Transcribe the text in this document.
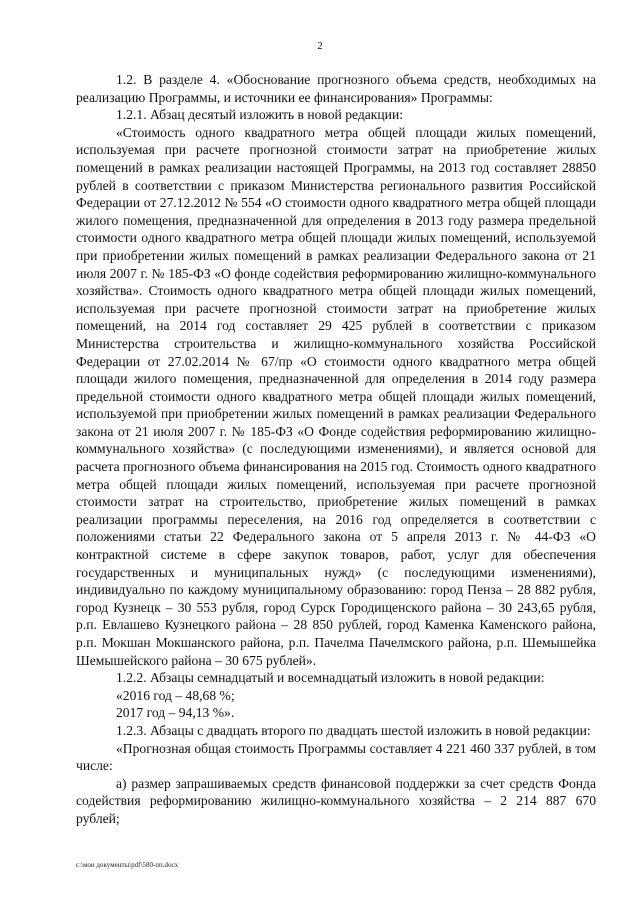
2

1.2. В разделе 4. «Обоснование прогнозного объема средств, необходимых на реализацию Программы, и источники ее финансирования» Программы:

1.2.1. Абзац десятый изложить в новой редакции:

«Стоимость одного квадратного метра общей площади жилых помещений, используемая при расчете прогнозной стоимости затрат на приобретение жилых помещений в рамках реализации настоящей Программы, на 2013 год составляет 28850 рублей в соответствии с приказом Министерства регионального развития Российской Федерации от 27.12.2012 № 554 «О стоимости одного квадратного метра общей площади жилого помещения, предназначенной для определения в 2013 году размера предельной стоимости одного квадратного метра общей площади жилых помещений, используемой при приобретении жилых помещений в рамках реализации Федерального закона от 21 июля 2007 г. № 185-ФЗ «О фонде содействия реформированию жилищно-коммунального хозяйства». Стоимость одного квадратного метра общей площади жилых помещений, используемая при расчете прогнозной стоимости затрат на приобретение жилых помещений, на 2014 год составляет 29 425 рублей в соответствии с приказом Министерства строительства и жилищно-коммунального хозяйства Российской Федерации от 27.02.2014 № 67/пр «О стоимости одного квадратного метра общей площади жилого помещения, предназначенной для определения в 2014 году размера предельной стоимости одного квадратного метра общей площади жилых помещений, используемой при приобретении жилых помещений в рамках реализации Федерального закона от 21 июля 2007 г. № 185-ФЗ «О Фонде содействия реформированию жилищно-коммунального хозяйства» (с последующими изменениями), и является основой для расчета прогнозного объема финансирования на 2015 год. Стоимость одного квадратного метра общей площади жилых помещений, используемая при расчете прогнозной стоимости затрат на строительство, приобретение жилых помещений в рамках реализации программы переселения, на 2016 год определяется в соответствии с положениями статьи 22 Федерального закона от 5 апреля 2013 г. № 44-ФЗ «О контрактной системе в сфере закупок товаров, работ, услуг для обеспечения государственных и муниципальных нужд» (с последующими изменениями), индивидуально по каждому муниципальному образованию: город Пенза – 28 882 рубля, город Кузнецк – 30 553 рубля, город Сурск Городищенского района – 30 243,65 рубля, р.п. Евлашево Кузнецкого района – 28 850 рублей, город Каменка Каменского района, р.п. Мокшан Мокшанского района, р.п. Пачелма Пачелмского района, р.п. Шемышейка Шемышейского района – 30 675 рублей».

1.2.2. Абзацы семнадцатый и восемнадцатый изложить в новой редакции:

«2016 год – 48,68 %;

2017 год – 94,13 %».

1.2.3. Абзацы с двадцать второго по двадцать шестой изложить в новой редакции:

«Прогнозная общая стоимость Программы составляет 4 221 460 337 рублей, в том числе:

а) размер запрашиваемых средств финансовой поддержки за счет средств Фонда содействия реформированию жилищно-коммунального хозяйства – 2 214 887 670 рублей;

c:\мои документы\pdf\580-пп.docx
